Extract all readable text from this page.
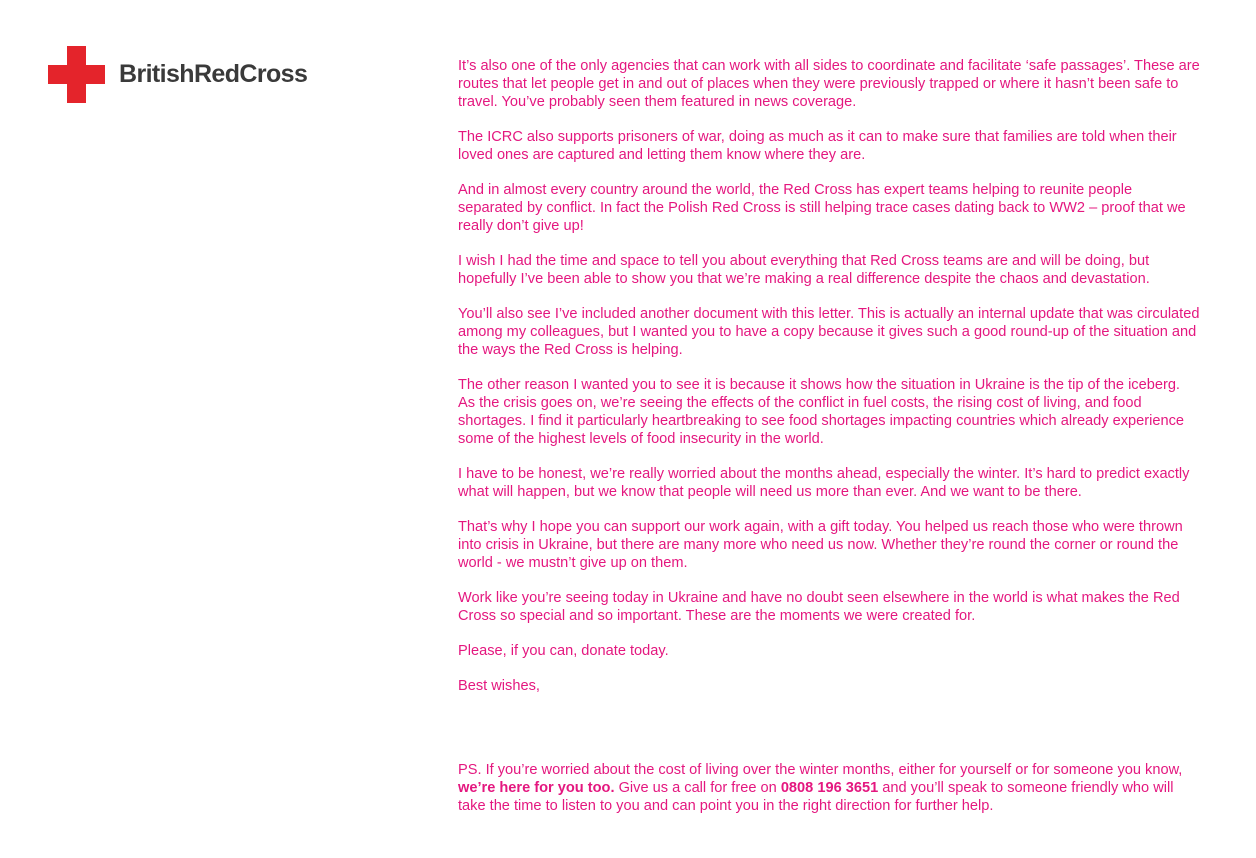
BritishRedCross	It’s also one of the only agencies that can work with all sides to coordinate and facilitate ‘safe passages’. These are routes that let people get in and out of places when they were previously trapped or where it hasn’t been safe to travel. You’ve probably seen them featured in news coverage.

The ICRC also supports prisoners of war, doing as much as it can to make sure that families are told when their loved ones are captured and letting them know where they are.

And in almost every country around the world, the Red Cross has expert teams helping to reunite people separated by conflict. In fact the Polish Red Cross is still helping trace cases dating back to WW2 – proof that we really don’t give up!

I wish I had the time and space to tell you about everything that Red Cross teams are and will be doing, but hopefully I’ve been able to show you that we’re making a real difference despite the chaos and devastation.

You’ll also see I’ve included another document with this letter. This is actually an internal update that was circulated among my colleagues, but I wanted you to have a copy because it gives such a good round-up of the situation and the ways the Red Cross is helping.

The other reason I wanted you to see it is because it shows how the situation in Ukraine is the tip of the iceberg. As the crisis goes on, we’re seeing the effects of the conflict in fuel costs, the rising cost of living, and food shortages. I find it particularly heartbreaking to see food shortages impacting countries which already experience some of the highest levels of food insecurity in the world.

I have to be honest, we’re really worried about the months ahead, especially the winter. It’s hard to predict exactly what will happen, but we know that people will need us more than ever. And we want to be there.

That’s why I hope you can support our work again, with a gift today. You helped us reach those who were thrown into crisis in Ukraine, but there are many more who need us now. Whether they’re round the corner or round the world - we mustn’t give up on them.

Work like you’re seeing today in Ukraine and have no doubt seen elsewhere in the world is what makes the Red Cross so special and so important. These are the moments we were created for.

Please, if you can, donate today.

Best wishes,

PS. If you’re worried about the cost of living over the winter months, either for yourself or for someone you know, we’re here for you too. Give us a call for free on 0808 196 3651 and you’ll speak to someone friendly who will take the time to listen to you and can point you in the right direction for further help.
